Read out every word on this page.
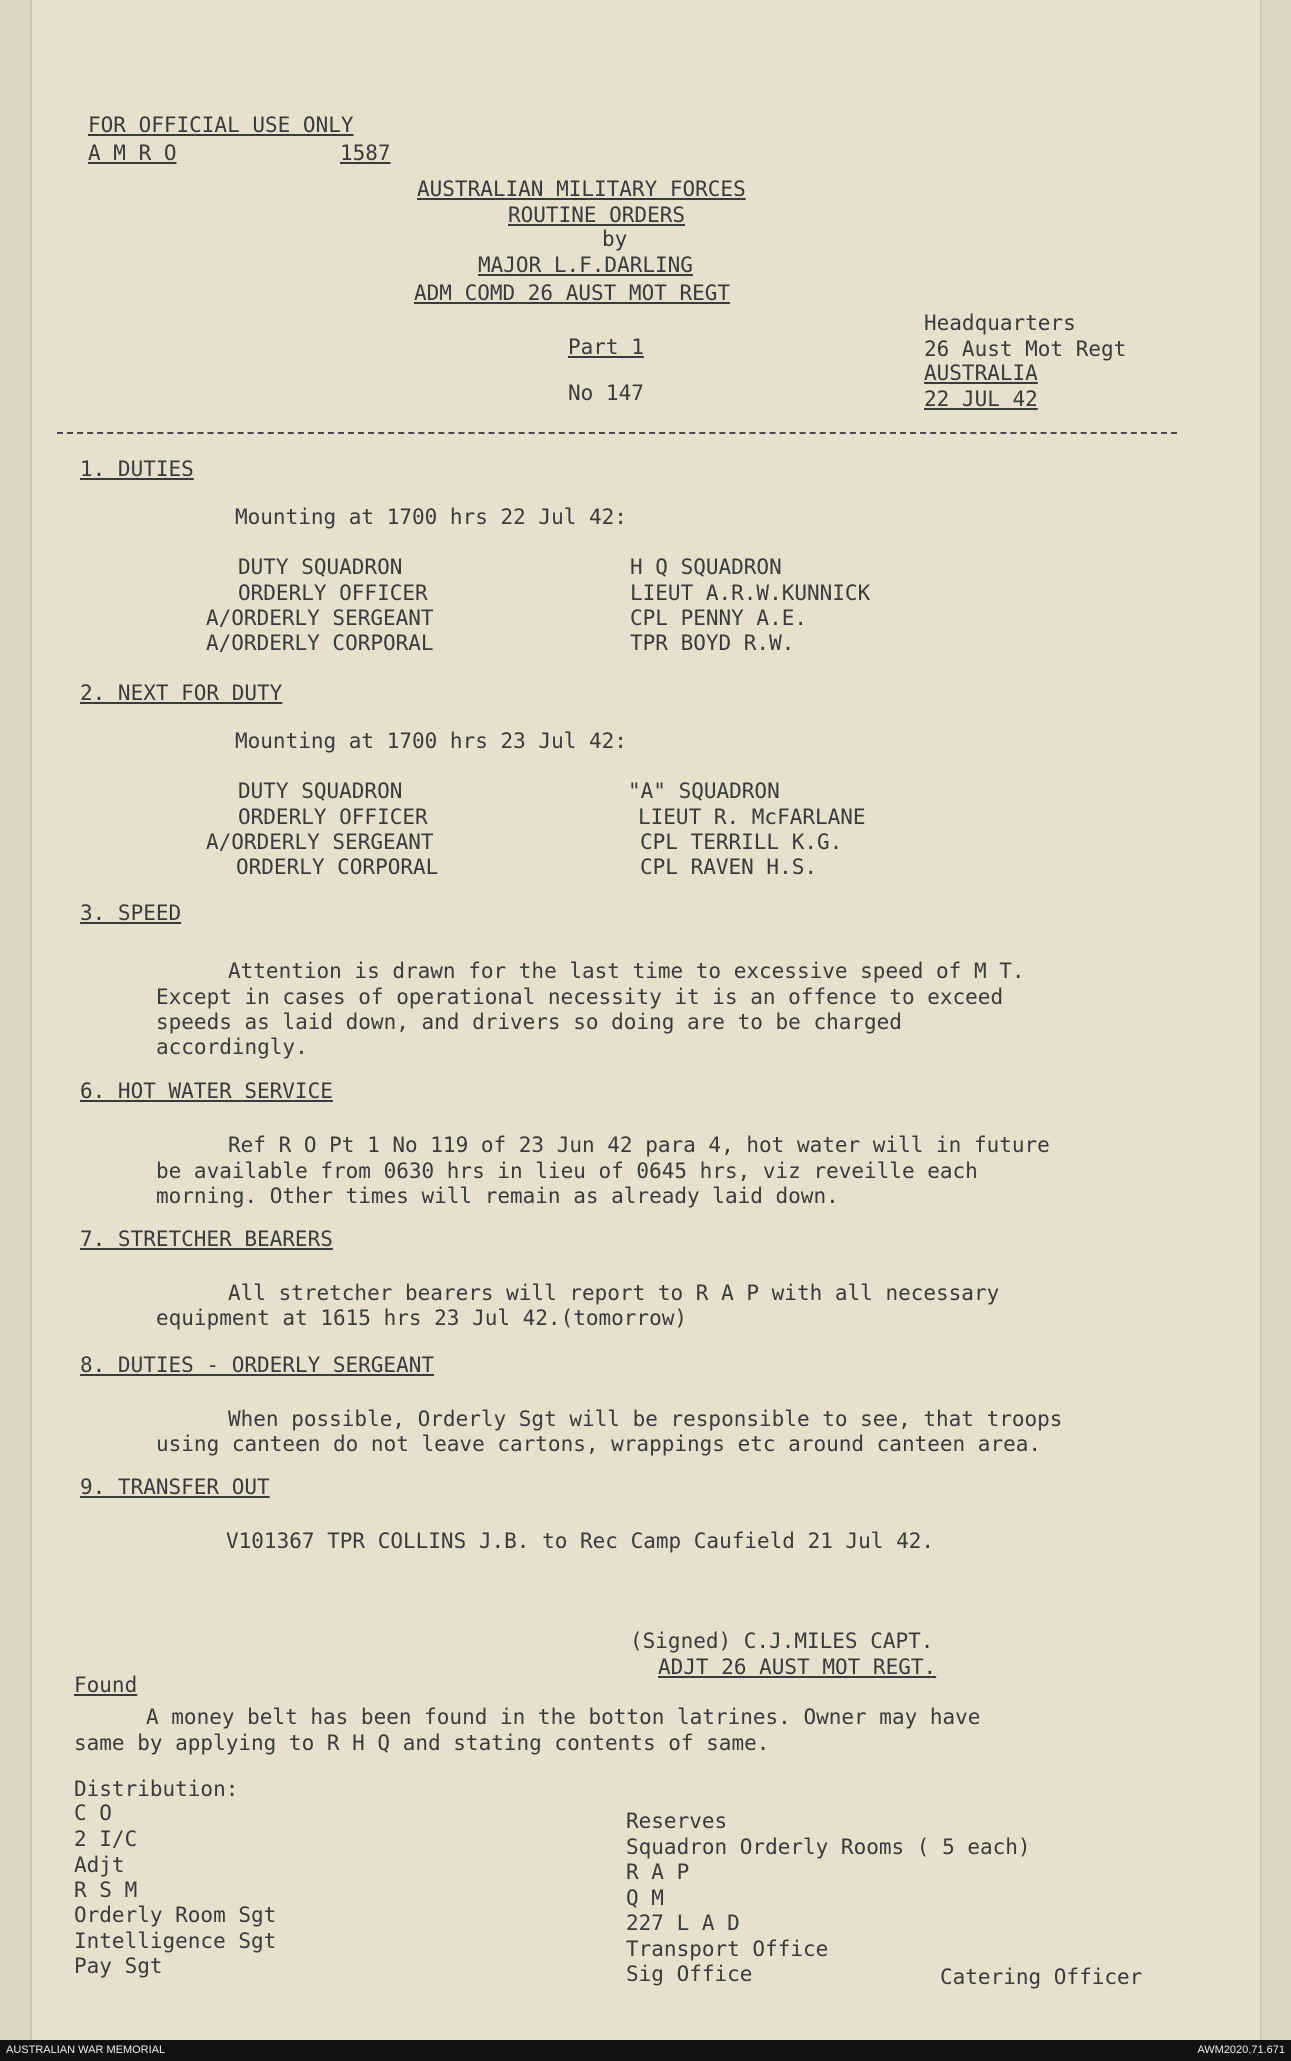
FOR OFFICIAL USE ONLY

A M R O	1587

AUSTRALIAN MILITARY FORCES

ROUTINE ORDERS

by

MAJOR L.F.DARLING

ADM COMD 26 AUST MOT REGT

Part 1

No 147

Headquarters

26 Aust Mot Regt

AUSTRALIA

22 JUL 42

1. DUTIES

Mounting at 1700 hrs 22 Jul 42:

DUTY SQUADRON	H Q SQUADRON

ORDERLY OFFICER	LIEUT A.R.W.KUNNICK

A/ORDERLY SERGEANT	CPL PENNY A.E.

A/ORDERLY CORPORAL	TPR BOYD R.W.

2. NEXT FOR DUTY

Mounting at 1700 hrs 23 Jul 42:

DUTY SQUADRON	"A" SQUADRON

ORDERLY OFFICER	LIEUT R. McFARLANE

A/ORDERLY SERGEANT	CPL TERRILL K.G.

ORDERLY CORPORAL	CPL RAVEN H.S.

3. SPEED

Attention is drawn for the last time to excessive speed of M T.

Except in cases of operational necessity it is an offence to exceed

speeds as laid down, and drivers so doing are to be charged

accordingly.

6. HOT WATER SERVICE

Ref R O Pt 1 No 119 of 23 Jun 42 para 4, hot water will in future

be available from 0630 hrs in lieu of 0645 hrs, viz reveille each

morning. Other times will remain as already laid down.

7. STRETCHER BEARERS

All stretcher bearers will report to R A P with all necessary

equipment at 1615 hrs 23 Jul 42.(tomorrow)

8. DUTIES - ORDERLY SERGEANT

When possible, Orderly Sgt will be responsible to see, that troops

using canteen do not leave cartons, wrappings etc around canteen area.

9. TRANSFER OUT

V101367 TPR COLLINS J.B. to Rec Camp Caufield 21 Jul 42.

(Signed) C.J.MILES CAPT.

ADJT 26 AUST MOT REGT.

Found

A money belt has been found in the botton latrines. Owner may have

same by applying to R H Q and stating contents of same.

Distribution:

C O

2 I/C

Adjt

R S M

Orderly Room Sgt

Intelligence Sgt

Pay Sgt

Reserves

Squadron Orderly Rooms ( 5 each)

R A P

Q M

227 L A D

Transport Office

Sig Office	Catering Officer

AUSTRALIAN WAR MEMORIAL	AWM2020.71.671
